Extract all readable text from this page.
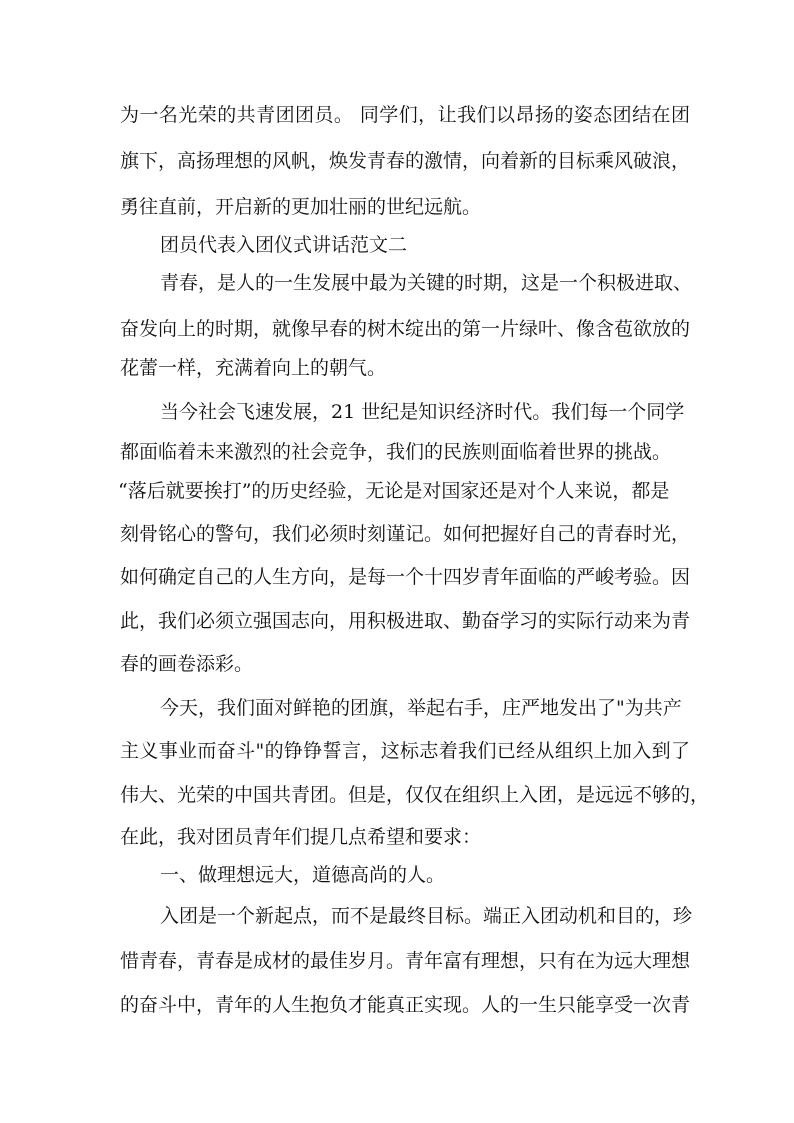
为一名光荣的共青团团员。 同学们，让我们以昂扬的姿态团结在团
旗下，高扬理想的风帆，焕发青春的激情，向着新的目标乘风破浪，
勇往直前，开启新的更加壮丽的世纪远航。
团员代表入团仪式讲话范文二
青春，是人的一生发展中最为关键的时期，这是一个积极进取、
奋发向上的时期，就像早春的树木绽出的第一片绿叶、像含苞欲放的
花蕾一样，充满着向上的朝气。
当今社会飞速发展，21 世纪是知识经济时代。我们每一个同学
都面临着未来激烈的社会竞争，我们的民族则面临着世界的挑战。
“落后就要挨打”的历史经验，无论是对国家还是对个人来说，都是
刻骨铭心的警句，我们必须时刻谨记。如何把握好自己的青春时光，
如何确定自己的人生方向，是每一个十四岁青年面临的严峻考验。因
此，我们必须立强国志向，用积极进取、勤奋学习的实际行动来为青
春的画卷添彩。
今天，我们面对鲜艳的团旗，举起右手，庄严地发出了"为共产
主义事业而奋斗"的铮铮誓言，这标志着我们已经从组织上加入到了
伟大、光荣的中国共青团。但是，仅仅在组织上入团，是远远不够的，
在此，我对团员青年们提几点希望和要求：
一、做理想远大，道德高尚的人。
入团是一个新起点，而不是最终目标。端正入团动机和目的，珍
惜青春，青春是成材的最佳岁月。青年富有理想，只有在为远大理想
的奋斗中，青年的人生抱负才能真正实现。人的一生只能享受一次青
